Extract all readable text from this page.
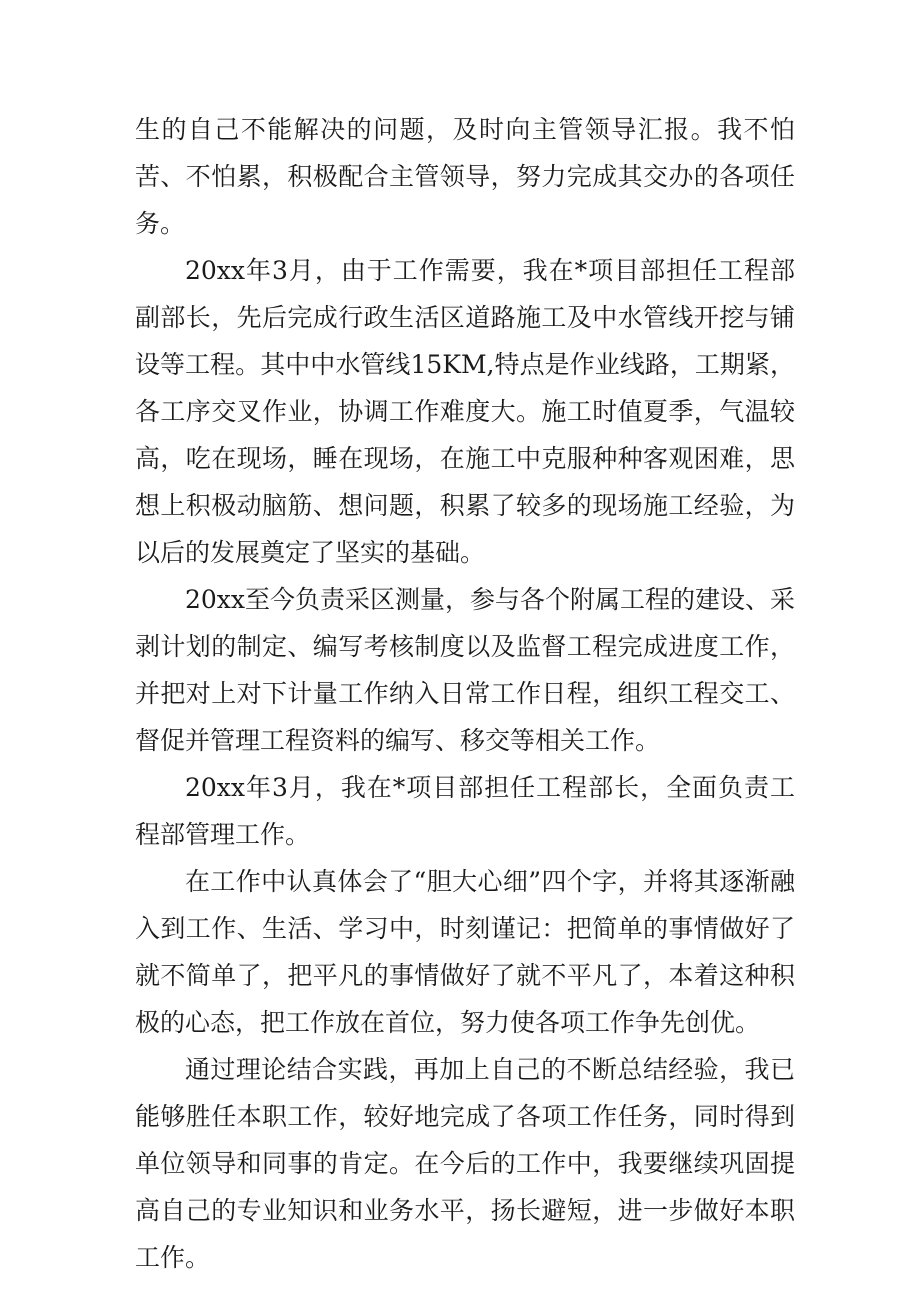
生的自己不能解决的问题，及时向主管领导汇报。我不怕苦、不怕累，积极配合主管领导，努力完成其交办的各项任务。

20xx年3月，由于工作需要，我在*项目部担任工程部副部长，先后完成行政生活区道路施工及中水管线开挖与铺设等工程。其中中水管线15KM,特点是作业线路，工期紧，各工序交叉作业，协调工作难度大。施工时值夏季，气温较高，吃在现场，睡在现场，在施工中克服种种客观困难，思想上积极动脑筋、想问题，积累了较多的现场施工经验，为以后的发展奠定了坚实的基础。

20xx至今负责采区测量，参与各个附属工程的建设、采剥计划的制定、编写考核制度以及监督工程完成进度工作，并把对上对下计量工作纳入日常工作日程，组织工程交工、督促并管理工程资料的编写、移交等相关工作。

20xx年3月，我在*项目部担任工程部长，全面负责工程部管理工作。

在工作中认真体会了“胆大心细”四个字，并将其逐渐融入到工作、生活、学习中，时刻谨记：把简单的事情做好了就不简单了，把平凡的事情做好了就不平凡了，本着这种积极的心态，把工作放在首位，努力使各项工作争先创优。

通过理论结合实践，再加上自己的不断总结经验，我已能够胜任本职工作，较好地完成了各项工作任务，同时得到单位领导和同事的肯定。在今后的工作中，我要继续巩固提高自己的专业知识和业务水平，扬长避短，进一步做好本职工作。
